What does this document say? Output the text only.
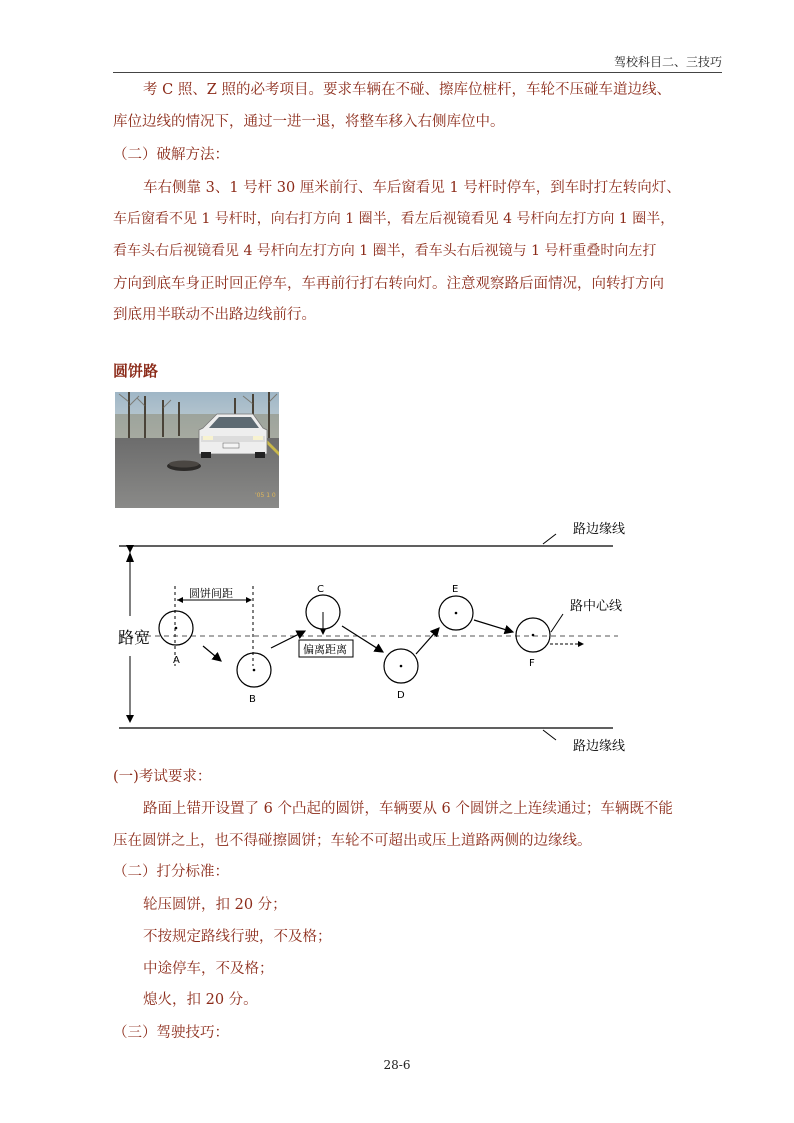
驾校科目二、三技巧
考 C 照、Z 照的必考项目。要求车辆在不碰、擦库位桩杆，车轮不压碰车道边线、
库位边线的情况下，通过一进一退，将整车移入右侧库位中。
（二）破解方法：
车右侧靠 3、1 号杆 30 厘米前行、车后窗看见 1 号杆时停车，到车时打左转向灯、
车后窗看不见 1 号杆时，向右打方向 1 圈半，看左后视镜看见 4 号杆向左打方向 1 圈半，
看车头右后视镜看见 4 号杆向左打方向 1 圈半，看车头右后视镜与 1 号杆重叠时向左打
方向到底车身正时回正停车，车再前行打右转向灯。注意观察路后面情况，向转打方向
到底用半联动不出路边线前行。
圆饼路
'05 1 0
路边缘线
路边缘线
路中心线
路宽
圆饼间距
A
B
C
D
E
F
偏离距离
(一)考试要求：
路面上错开设置了 6 个凸起的圆饼，车辆要从 6 个圆饼之上连续通过；车辆既不能
压在圆饼之上，也不得碰擦圆饼；车轮不可超出或压上道路两侧的边缘线。
（二）打分标准：
轮压圆饼，扣 20 分；
不按规定路线行驶，不及格；
中途停车，不及格；
熄火，扣 20 分。
（三）驾驶技巧：
28-6
